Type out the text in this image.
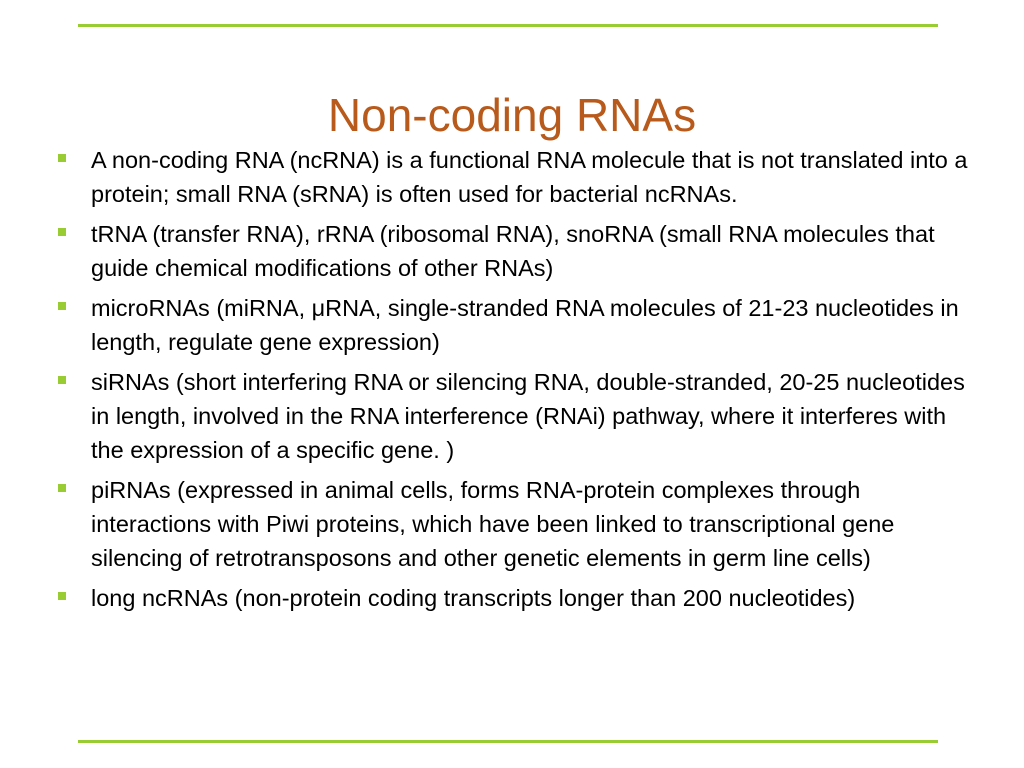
Non-coding RNAs
A non-coding RNA (ncRNA) is a functional RNA molecule that is not translated into a protein; small RNA (sRNA) is often used for bacterial ncRNAs.
tRNA (transfer RNA), rRNA (ribosomal RNA), snoRNA (small RNA molecules that guide chemical modifications of other RNAs)
microRNAs (miRNA, μRNA, single-stranded RNA molecules of 21-23 nucleotides in length, regulate gene expression)
siRNAs (short interfering RNA or silencing RNA, double-stranded, 20-25 nucleotides in length, involved in the RNA interference (RNAi) pathway, where it interferes with the expression of a specific gene. )
piRNAs (expressed in animal cells, forms RNA-protein complexes through interactions with Piwi proteins, which have been linked to transcriptional gene silencing of retrotransposons and other genetic elements in germ line cells)
long ncRNAs (non-protein coding transcripts longer than 200 nucleotides)
